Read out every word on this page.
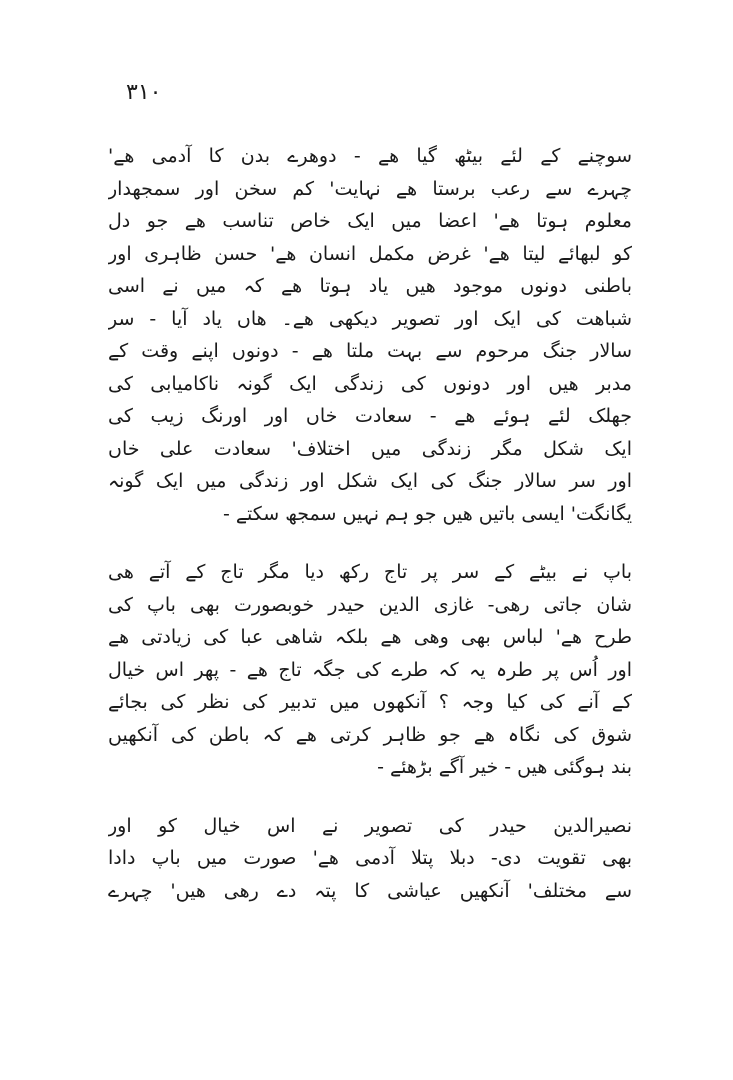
۳۱۰
سوچنے کے لئے بیٹھ گیا ھے - دوھرے بدن کا آدمی ھے'
چہرے سے رعب برستا ھے نہایت' کم سخن اور سمجھدار
معلوم ہوتا ھے' اعضا میں ایک خاص تناسب ھے جو دل
کو لبھائے لیتا ھے' غرض مکمل انسان ھے' حسن ظاہری اور
باطنی دونوں موجود ھیں یاد ہوتا ھے کہ میں نے اسی
شباھت کی ایک اور تصویر دیکھی ھے۔ ھاں یاد آیا - سر
سالار جنگ مرحوم سے بہت ملتا ھے - دونوں اپنے وقت کے
مدبر ھیں اور دونوں کی زندگی ایک گونہ ناکامیابی کی
جھلک لئے ہوئے ھے - سعادت خاں اور اورنگ زیب کی
ایک شکل مگر زندگی میں اختلاف' سعادت علی خاں
اور سر سالار جنگ کی ایک شکل اور زندگی میں ایک گونہ
یگانگت' ایسی باتیں ھیں جو ہم نہیں سمجھ سکتے -
باپ نے بیٹے کے سر پر تاج رکھ دیا مگر تاج کے آتے ھی
شان جاتی رھی- غازی الدین حیدر خوبصورت بھی باپ کی
طرح ھے' لباس بھی وھی ھے بلکہ شاھی عبا کی زیادتی ھے
اور اُس پر طرہ یہ کہ طرے کی جگہ تاج ھے - پھر اس خیال
کے آنے کی کیا وجہ ؟ آنکھوں میں تدبیر کی نظر کی بجائے
شوق کی نگاہ ھے جو ظاہر کرتی ھے کہ باطن کی آنکھیں
بند ہوگئی ھیں - خیر آگے بڑھئے -
نصیرالدین حیدر کی تصویر نے اس خیال کو اور
بھی تقویت دی- دبلا پتلا آدمی ھے' صورت میں باپ دادا
سے مختلف' آنکھیں عیاشی کا پتہ دے رھی ھیں' چہرے
